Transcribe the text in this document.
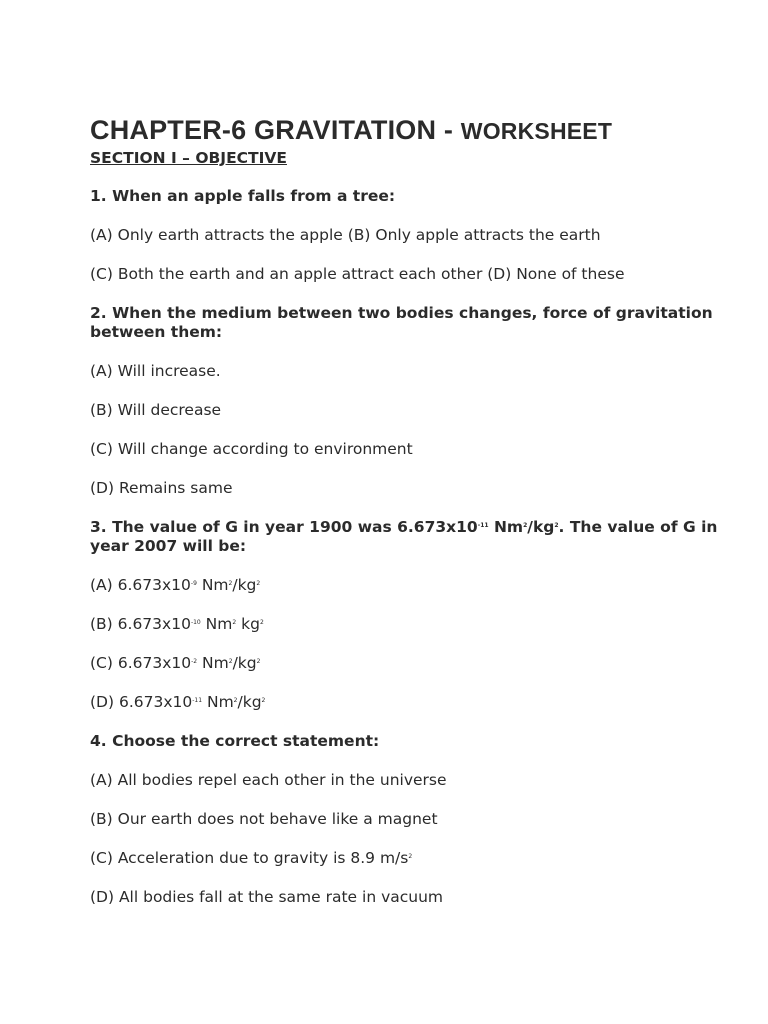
CHAPTER-6 GRAVITATION - WORKSHEET
SECTION I – OBJECTIVE
1. When an apple falls from a tree:
(A) Only earth attracts the apple (B) Only apple attracts the earth
(C) Both the earth and an apple attract each other (D) None of these
2. When the medium between two bodies changes, force of gravitation between them:
(A) Will increase.
(B) Will decrease
(C) Will change according to environment
(D) Remains same
3. The value of G in year 1900 was $6.673x10^{-11}$ $Nm^2/kg^2$. The value of G in year 2007 will be:
(A) $6.673x10^{-9}$ $Nm^2/kg^2$
(B) $6.673x10^{-10}$ Nm$^2$ $kg^2$
(C) $6.673x10^{-2}$ $Nm^2/kg^2$
(D) $6.673x10^{-11}$ $Nm^2/kg^2$
4. Choose the correct statement:
(A) All bodies repel each other in the universe
(B) Our earth does not behave like a magnet
(C) Acceleration due to gravity is 8.9 $m/s^2$
(D) All bodies fall at the same rate in vacuum
